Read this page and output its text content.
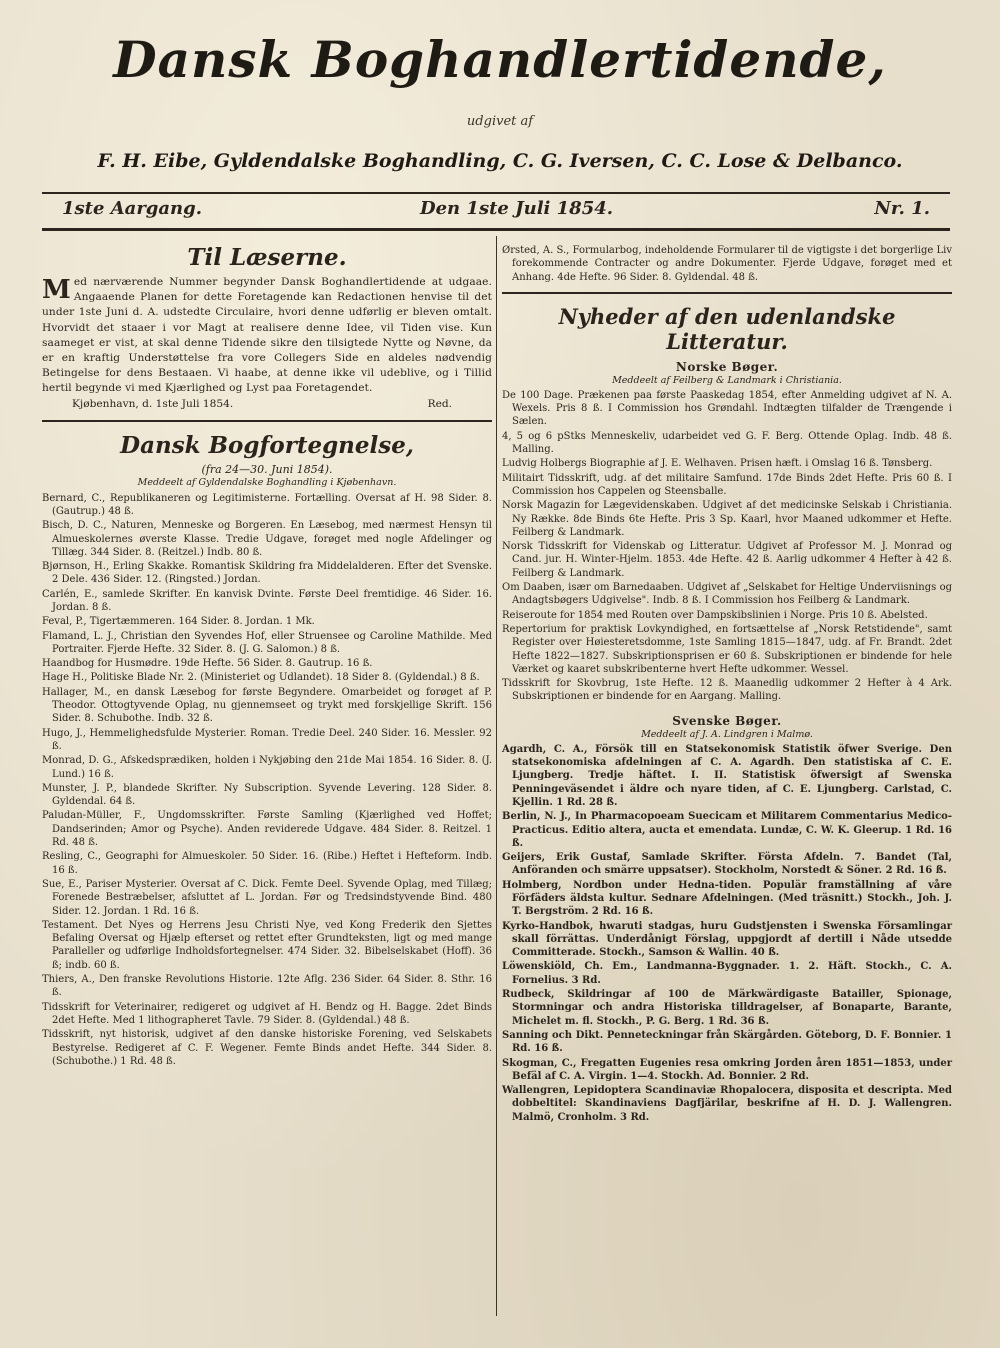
Dansk Boghandlertidende,
udgivet af
F. H. Eibe, Gyldendalske Boghandling, C. G. Iversen, C. C. Lose & Delbanco.
1ste Aargang.	Den 1ste Juli 1854.	Nr. 1.
Til Læserne.

Med nærværende Nummer begynder Dansk Boghandlertidende at udgaae. Angaaende Planen for dette Foretagende kan Redactionen henvise til det under 1ste Juni d. A. udstedte Circulaire, hvori denne udførlig er bleven omtalt. Hvorvidt det staaer i vor Magt at realisere denne Idee, vil Tiden vise. Kun saameget er vist, at skal denne Tidende sikre den tilsigtede Nytte og Nøvne, da er en kraftig Understøttelse fra vore Collegers Side en aldeles nødvendig Betingelse for dens Bestaaen. Vi haabe, at denne ikke vil udeblive, og i Tillid hertil begynde vi med Kjærlighed og Lyst paa Foretagendet.

Kjøbenhavn, d. 1ste Juli 1854.	Red.
Dansk Bogfortegnelse,
(fra 24—30. Juni 1854).
Meddeelt af Gyldendalske Boghandling i Kjøbenhavn.

Bernard, C., Republikaneren og Legitimisterne. Fortælling. Oversat af H. 98 Sider. 8. (Gautrup.) 48 ß.

Bisch, D. C., Naturen, Menneske og Borgeren. En Læsebog, med nærmest Hensyn til Almueskolernes øverste Klasse. Tredie Udgave, forøget med nogle Afdelinger og Tillæg. 344 Sider. 8. (Reitzel.) Indb. 80 ß.

Bjørnson, H., Erling Skakke. Romantisk Skildring fra Middelalderen. Efter det Svenske. 2 Dele. 436 Sider. 12. (Ringsted.) Jordan.

Carlén, E., samlede Skrifter. En kanvisk Dvinte. Første Deel fremtidige. 46 Sider. 16. Jordan. 8 ß.

Feval, P., Tigertæmmeren. 164 Sider. 8. Jordan. 1 Mk.

Flamand, L. J., Christian den Syvendes Hof, eller Struensee og Caroline Mathilde. Med Portraiter. Fjerde Hefte. 32 Sider. 8. (J. G. Salomon.) 8 ß.

Haandbog for Husmødre. 19de Hefte. 56 Sider. 8. Gautrup. 16 ß.

Hage H., Politiske Blade Nr. 2. (Ministeriet og Udlandet). 18 Sider 8. (Gyldendal.) 8 ß.

Hallager, M., en dansk Læsebog for første Begyndere. Omarbeidet og forøget af P. Theodor. Ottogtyvende Oplag, nu gjennemseet og trykt med forskjellige Skrift. 156 Sider. 8. Schubothe. Indb. 32 ß.

Hugo, J., Hemmelighedsfulde Mysterier. Roman. Tredie Deel. 240 Sider. 16. Messler. 92 ß.

Monrad, D. G., Afskedsprædiken, holden i Nykjøbing den 21de Mai 1854. 16 Sider. 8. (J. Lund.) 16 ß.

Munster, J. P., blandede Skrifter. Ny Subscription. Syvende Levering. 128 Sider. 8. Gyldendal. 64 ß.

Paludan-Müller, F., Ungdomsskrifter. Første Samling (Kjærlighed ved Hoffet; Dandserinden; Amor og Psyche). Anden reviderede Udgave. 484 Sider. 8. Reitzel. 1 Rd. 48 ß.

Resling, C., Geographi for Almueskoler. 50 Sider. 16. (Ribe.) Heftet i Hefteform. Indb. 16 ß.

Sue, E., Pariser Mysterier. Oversat af C. Dick. Femte Deel. Syvende Oplag, med Tillæg; Forenede Bestræbelser, afsluttet af L. Jordan. Før og Tredsindstyvende Bind. 480 Sider. 12. Jordan. 1 Rd. 16 ß.

Testament. Det Nyes og Herrens Jesu Christi Nye, ved Kong Frederik den Sjettes Befaling Oversat og Hjælp efterset og rettet efter Grundteksten, ligt og med mange Paralleller og udførlige Indholdsfortegnelser. 474 Sider. 32. Bibelselskabet (Hoff). 36 ß; indb. 60 ß.

Thiers, A., Den franske Revolutions Historie. 12te Aflg. 236 Sider. 64 Sider. 8. Sthr. 16 ß.

Tidsskrift for Veterinairer, redigeret og udgivet af H. Bendz og H. Bagge. 2det Binds 2det Hefte. Med 1 lithographeret Tavle. 79 Sider. 8. (Gyldendal.) 48 ß.

Tidsskrift, nyt historisk, udgivet af den danske historiske Forening, ved Selskabets Bestyrelse. Redigeret af C. F. Wegener. Femte Binds andet Hefte. 344 Sider. 8. (Schubothe.) 1 Rd. 48 ß.

Ørsted, A. S., Formularbog, indeholdende Formularer til de vigtigste i det borgerlige Liv forekommende Contracter og andre Dokumenter. Fjerde Udgave, forøget med et Anhang. 4de Hefte. 96 Sider. 8. Gyldendal. 48 ß.

Nyheder af den udenlandske Litteratur.
Norske Bøger.
Meddeelt af Feilberg & Landmark i Christiania.

De 100 Dage. Prækenen paa første Paaskedag 1854, efter Anmelding udgivet af N. A. Wexels. Pris 8 ß. I Commission hos Grøndahl. Indtægten tilfalder de Trængende i Sælen.

4, 5 og 6 pStks Menneskeliv, udarbeidet ved G. F. Berg. Ottende Oplag. Indb. 48 ß. Malling.

Ludvig Holbergs Biographie af J. E. Welhaven. Prisen hæft. i Omslag 16 ß. Tønsberg.

Militairt Tidsskrift, udg. af det militaire Samfund. 17de Binds 2det Hefte. Pris 60 ß. I Commission hos Cappelen og Steensballe.

Norsk Magazin for Lægevidenskaben. Udgivet af det medicinske Selskab i Christiania. Ny Række. 8de Binds 6te Hefte. Pris 3 Sp. Kaarl, hvor Maaned udkommer et Hefte. Feilberg & Landmark.

Norsk Tidsskrift for Videnskab og Litteratur. Udgivet af Professor M. J. Monrad og Cand. jur. H. Winter-Hjelm. 1853. 4de Hefte. 42 ß. Aarlig udkommer 4 Hefter à 42 ß. Feilberg & Landmark.

Om Daaben, især om Barnedaaben. Udgivet af „Selskabet for Heltige Underviisnings og Andagtsbøgers Udgivelse". Indb. 8 ß. I Commission hos Feilberg & Landmark.

Reiseroute for 1854 med Routen over Dampskibslinien i Norge. Pris 10 ß. Abelsted.

Repertorium for praktisk Lovkyndighed, en fortsættelse af „Norsk Retstidende", samt Register over Høiesteretsdomme, 1ste Samling 1815—1847, udg. af Fr. Brandt. 2det Hefte 1822—1827. Subskriptionsprisen er 60 ß. Subskriptionen er bindende for hele Værket og kaaret subskribenterne hvert Hefte udkommer. Wessel.

Tidsskrift for Skovbrug, 1ste Hefte. 12 ß. Maanedlig udkommer 2 Hefter à 4 Ark. Subskriptionen er bindende for en Aargang. Malling.

Svenske Bøger.
Meddeelt af J. A. Lindgren i Malmø.

Agardh, C. A., Försök till en Statsekonomisk Statistik öfwer Sverige. Den statsekonomiska afdelningen af C. A. Agardh. Den statistiska af C. E. Ljungberg. Tredje häftet. I. II. Statistisk öfwersigt af Swenska Penningeväsendet i äldre och nyare tiden, af C. E. Ljungberg. Carlstad, C. Kjellin. 1 Rd. 28 ß.

Berlin, N. J., In Pharmacopoeam Suecicam et Militarem Commentarius Medico-Practicus. Editio altera, aucta et emendata. Lundæ, C. W. K. Gleerup. 1 Rd. 16 ß.

Geijers, Erik Gustaf, Samlade Skrifter. Första Afdeln. 7. Bandet (Tal, Anföranden och smärre uppsatser). Stockholm, Norstedt & Söner. 2 Rd. 16 ß.

Holmberg, Nordbon under Hedna-tiden. Populär framställning af våre Förfäders äldsta kultur. Sednare Afdelningen. (Med träsnitt.) Stockh., Joh. J. T. Bergström. 2 Rd. 16 ß.

Kyrko-Handbok, hwaruti stadgas, huru Gudstjensten i Swenska Församlingar skall förrättas. Underdånigt Förslag, uppgjordt af dertill i Nåde utsedde Committerade. Stockh., Samson & Wallin. 40 ß.

Löwenskiöld, Ch. Em., Landmanna-Byggnader. 1. 2. Häft. Stockh., C. A. Fornelius. 3 Rd.

Rudbeck, Skildringar af 100 de Märkwärdigaste Batailler, Spionage, Stormningar och andra Historiska tilldragelser, af Bonaparte, Barante, Michelet m. fl. Stockh., P. G. Berg. 1 Rd. 36 ß.

Sanning och Dikt. Penneteckningar från Skärgården. Göteborg, D. F. Bonnier. 1 Rd. 16 ß.

Skogman, C., Fregatten Eugenies resa omkring Jorden åren 1851—1853, under Befäl af C. A. Virgin. 1—4. Stockh. Ad. Bonnier. 2 Rd.

Wallengren, Lepidoptera Scandinaviæ Rhopalocera, disposita et descripta. Med dobbeltitel: Skandinaviens Dagfjärilar, beskrifne af H. D. J. Wallengren. Malmö, Cronholm. 3 Rd.
